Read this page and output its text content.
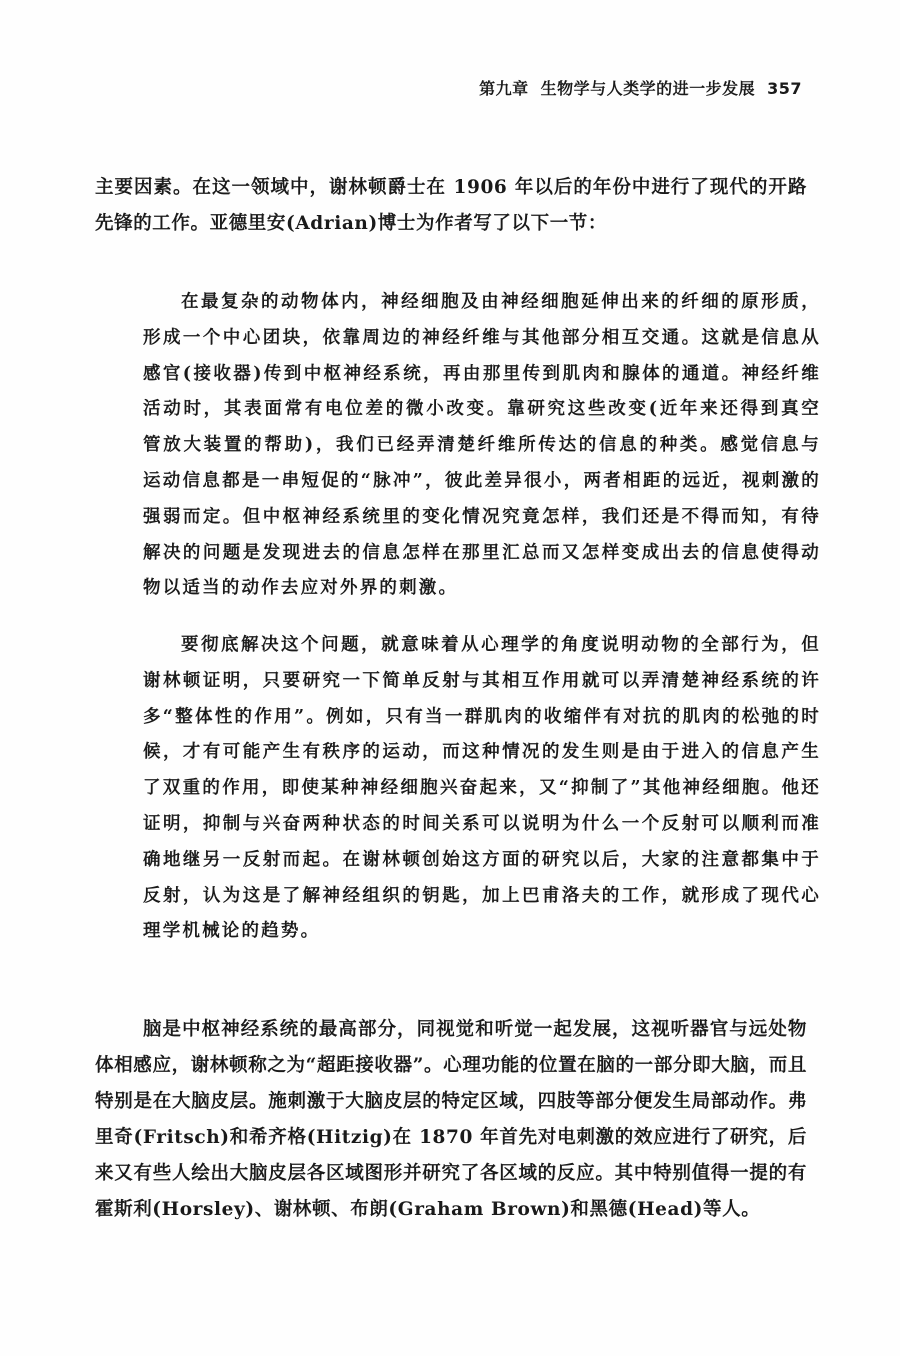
第九章 生物学与人类学的进一步发展 357

主要因素。在这一领域中，谢林顿爵士在 1906 年以后的年份中进行了现代的开路先锋的工作。亚德里安(Adrian)博士为作者写了以下一节：

在最复杂的动物体内，神经细胞及由神经细胞延伸出来的纤细的原形质，形成一个中心团块，依靠周边的神经纤维与其他部分相互交通。这就是信息从感官(接收器)传到中枢神经系统，再由那里传到肌肉和腺体的通道。神经纤维活动时，其表面常有电位差的微小改变。靠研究这些改变(近年来还得到真空管放大装置的帮助)，我们已经弄清楚纤维所传达的信息的种类。感觉信息与运动信息都是一串短促的“脉冲”，彼此差异很小，两者相距的远近，视刺激的强弱而定。但中枢神经系统里的变化情况究竟怎样，我们还是不得而知，有待解决的问题是发现进去的信息怎样在那里汇总而又怎样变成出去的信息使得动物以适当的动作去应对外界的刺激。

要彻底解决这个问题，就意味着从心理学的角度说明动物的全部行为，但谢林顿证明，只要研究一下简单反射与其相互作用就可以弄清楚神经系统的许多“整体性的作用”。例如，只有当一群肌肉的收缩伴有对抗的肌肉的松弛的时候，才有可能产生有秩序的运动，而这种情况的发生则是由于进入的信息产生了双重的作用，即使某种神经细胞兴奋起来，又“抑制了”其他神经细胞。他还证明，抑制与兴奋两种状态的时间关系可以说明为什么一个反射可以顺利而准确地继另一反射而起。在谢林顿创始这方面的研究以后，大家的注意都集中于反射，认为这是了解神经组织的钥匙，加上巴甫洛夫的工作，就形成了现代心理学机械论的趋势。

脑是中枢神经系统的最高部分，同视觉和听觉一起发展，这视听器官与远处物体相感应，谢林顿称之为“超距接收器”。心理功能的位置在脑的一部分即大脑，而且特别是在大脑皮层。施刺激于大脑皮层的特定区域，四肢等部分便发生局部动作。弗里奇(Fritsch)和希齐格(Hitzig)在 1870 年首先对电刺激的效应进行了研究，后来又有些人绘出大脑皮层各区域图形并研究了各区域的反应。其中特别值得一提的有霍斯利(Horsley)、谢林顿、布朗(Graham Brown)和黑德(Head)等人。
